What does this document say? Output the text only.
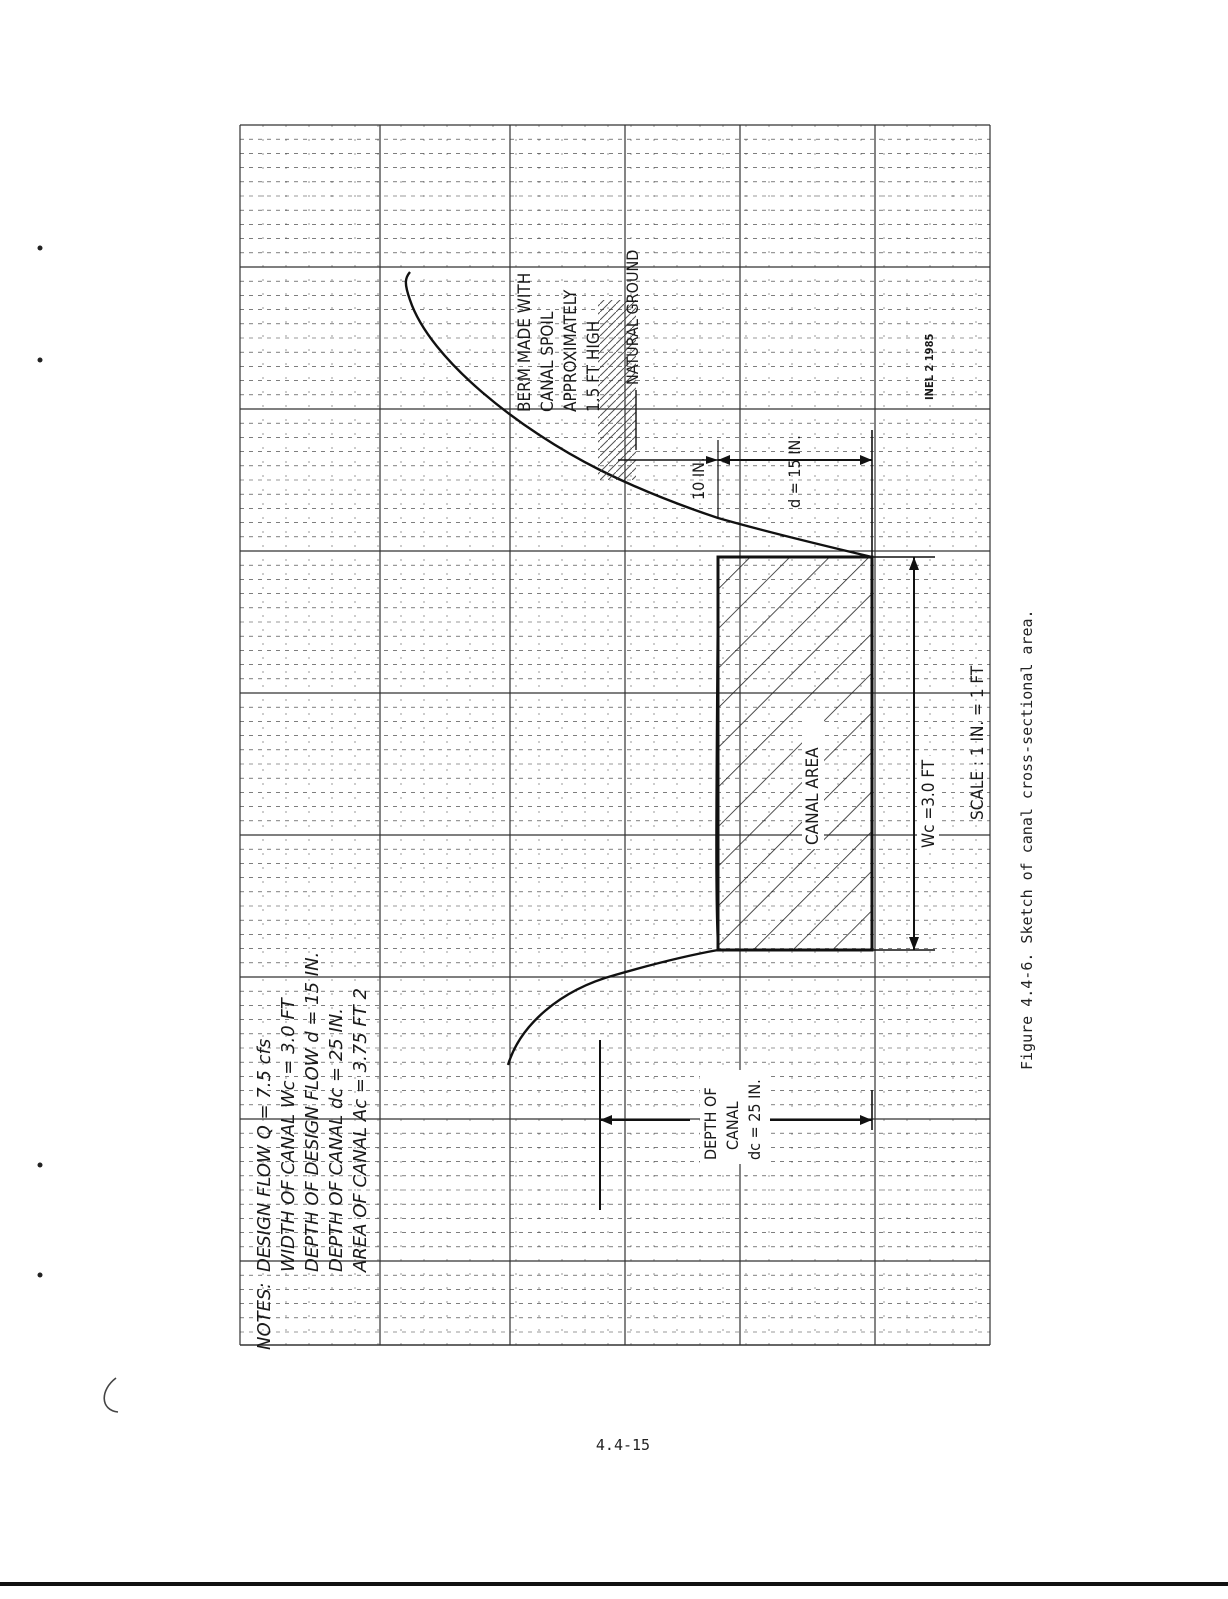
NOTES:
DESIGN FLOW Q = 7.5 cfs WIDTH OF CANAL Wc = 3.0 FT DEPTH OF DESIGN FLOW d = 15 IN. DEPTH OF CANAL dc = 25 IN. AREA OF CANAL Ac = 3.75 FT 2
BERM MADE WITH CANAL SPOIL APPROXIMATELY 1.5 FT HIGH NATURAL GROUND
10 IN.	d = 15 IN.
CANAL AREA	Wc =3.0 FT SCALE : 1 IN. = 1 FT
DEPTH OF CANAL dc = 25 IN.
INEL 2 1985
Figure 4.4-6. Sketch of canal cross-sectional area.
4.4-15
